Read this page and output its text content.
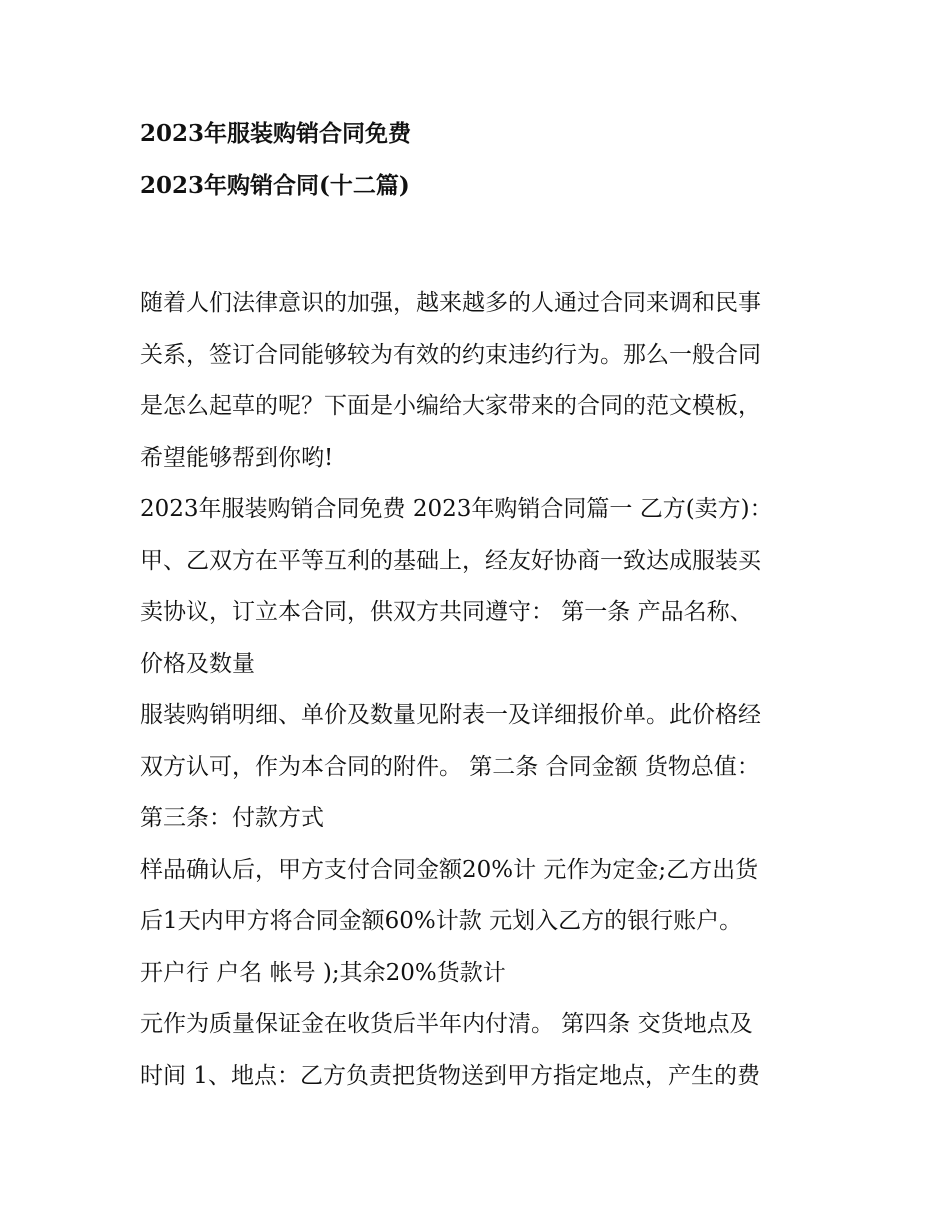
2023年服装购销合同免费
2023年购销合同(十二篇)
随着人们法律意识的加强，越来越多的人通过合同来调和民事
关系，签订合同能够较为有效的约束违约行为。那么一般合同
是怎么起草的呢？下面是小编给大家带来的合同的范文模板，
希望能够帮到你哟!
2023年服装购销合同免费 2023年购销合同篇一 乙方(卖方)：
甲、乙双方在平等互利的基础上，经友好协商一致达成服装买
卖协议，订立本合同，供双方共同遵守： 第一条 产品名称、
价格及数量
服装购销明细、单价及数量见附表一及详细报价单。此价格经
双方认可，作为本合同的附件。 第二条 合同金额 货物总值：
第三条：付款方式
样品确认后，甲方支付合同金额20%计 元作为定金;乙方出货
后1天内甲方将合同金额60%计款 元划入乙方的银行账户。
开户行 户名 帐号 );其余20%货款计
元作为质量保证金在收货后半年内付清。 第四条 交货地点及
时间 1、地点：乙方负责把货物送到甲方指定地点，产生的费
